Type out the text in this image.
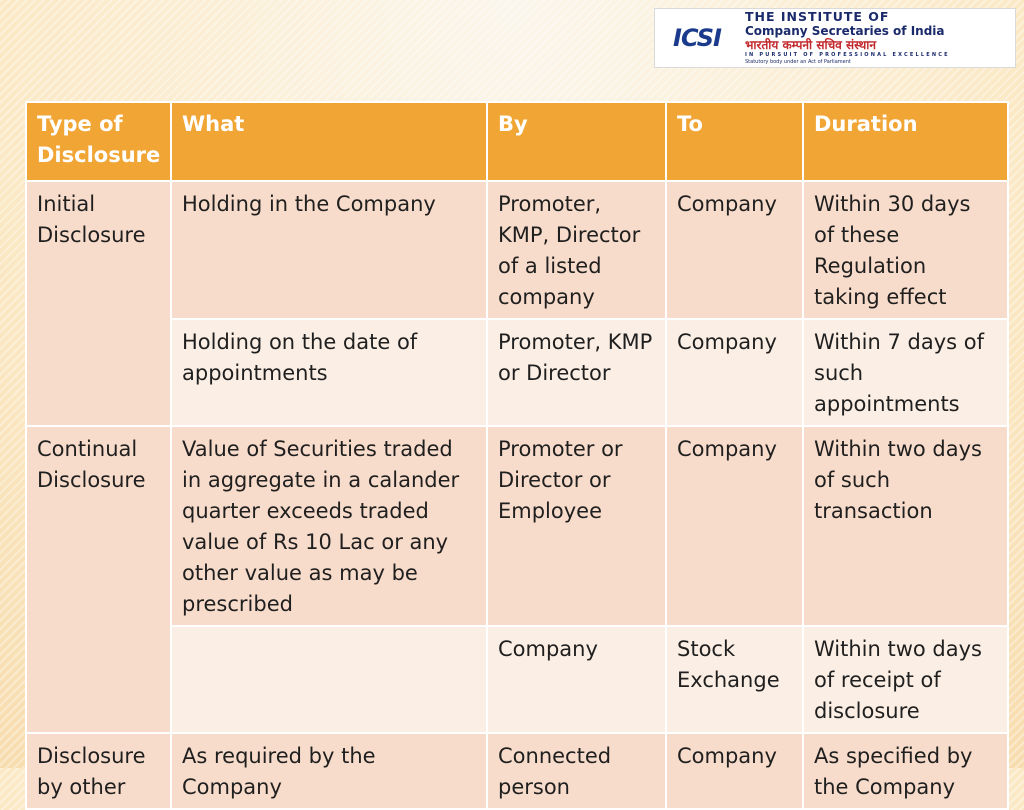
ICSI
THE INSTITUTE OF
Company Secretaries of India
भारतीय कम्पनी सचिव संस्थान
IN PURSUIT OF PROFESSIONAL EXCELLENCE
Statutory body under an Act of Parliament
Type of Disclosure	What	By	To	Duration
Initial Disclosure	Holding in the Company	Promoter, KMP, Director of a listed company	Company	Within 30 days of these Regulation taking effect
	Holding on the date of appointments	Promoter, KMP or Director	Company	Within 7 days of such appointments
Continual Disclosure	Value of Securities traded in aggregate in a calander quarter exceeds traded value of Rs 10 Lac or any other value as may be prescribed	Promoter or Director or Employee	Company	Within two days of such transaction
		Company	Stock Exchange	Within two days of receipt of disclosure
Disclosure by other	As required by the Company	Connected person	Company	As specified by the Company
